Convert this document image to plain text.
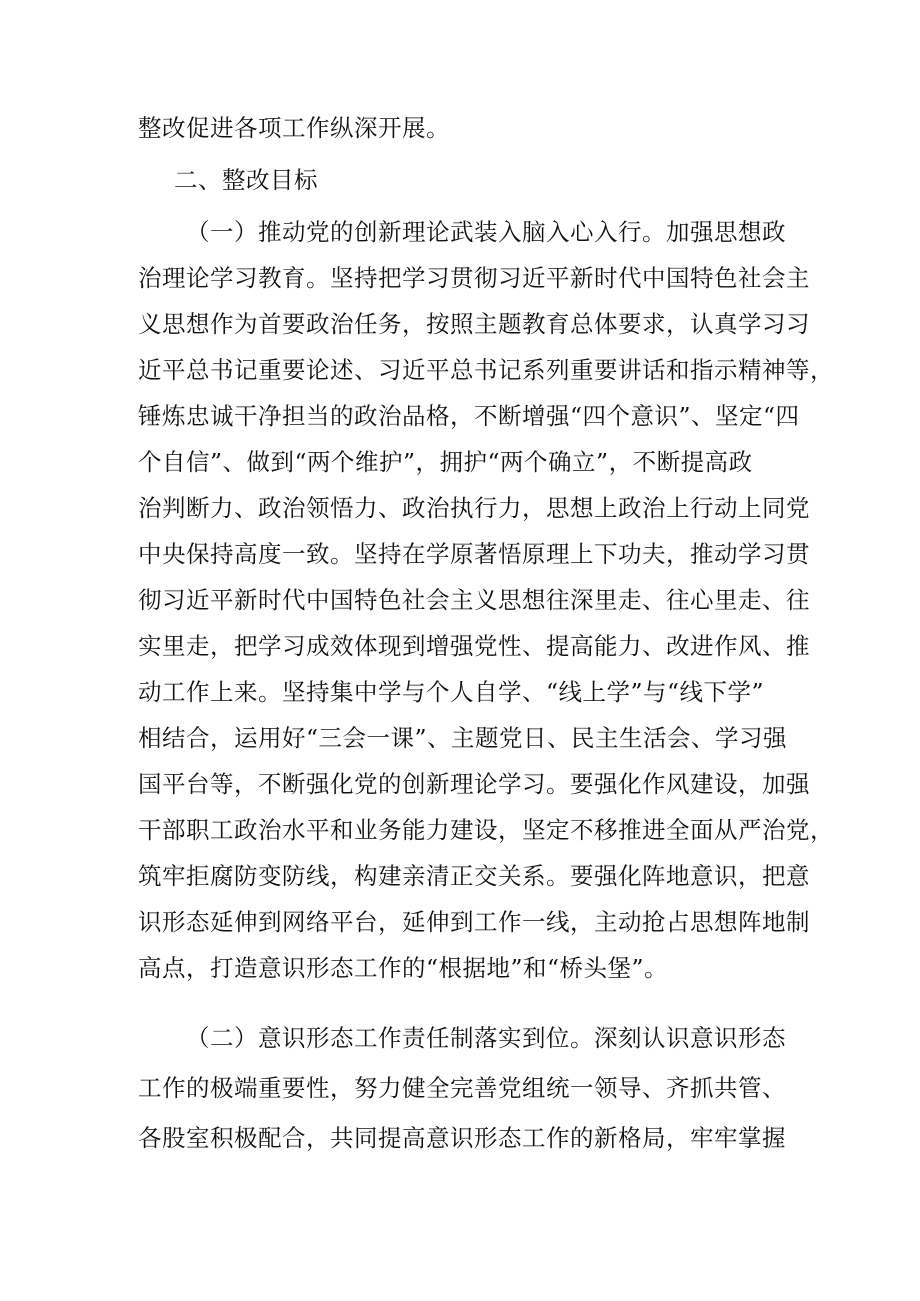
整改促进各项工作纵深开展。
二、整改目标
（一）推动党的创新理论武装入脑入心入行。加强思想政
治理论学习教育。坚持把学习贯彻习近平新时代中国特色社会主
义思想作为首要政治任务，按照主题教育总体要求，认真学习习
近平总书记重要论述、习近平总书记系列重要讲话和指示精神等，
锤炼忠诚干净担当的政治品格，不断增强“四个意识”、坚定“四
个自信”、做到“两个维护”，拥护“两个确立”，不断提高政
治判断力、政治领悟力、政治执行力，思想上政治上行动上同党
中央保持高度一致。坚持在学原著悟原理上下功夫，推动学习贯
彻习近平新时代中国特色社会主义思想往深里走、往心里走、往
实里走，把学习成效体现到增强党性、提高能力、改进作风、推
动工作上来。坚持集中学与个人自学、“线上学”与“线下学”
相结合，运用好“三会一课”、主题党日、民主生活会、学习强
国平台等，不断强化党的创新理论学习。要强化作风建设，加强
干部职工政治水平和业务能力建设，坚定不移推进全面从严治党，
筑牢拒腐防变防线，构建亲清正交关系。要强化阵地意识，把意
识形态延伸到网络平台，延伸到工作一线，主动抢占思想阵地制
高点，打造意识形态工作的“根据地”和“桥头堡”。
（二）意识形态工作责任制落实到位。深刻认识意识形态
工作的极端重要性，努力健全完善党组统一领导、齐抓共管、
各股室积极配合，共同提高意识形态工作的新格局，牢牢掌握
